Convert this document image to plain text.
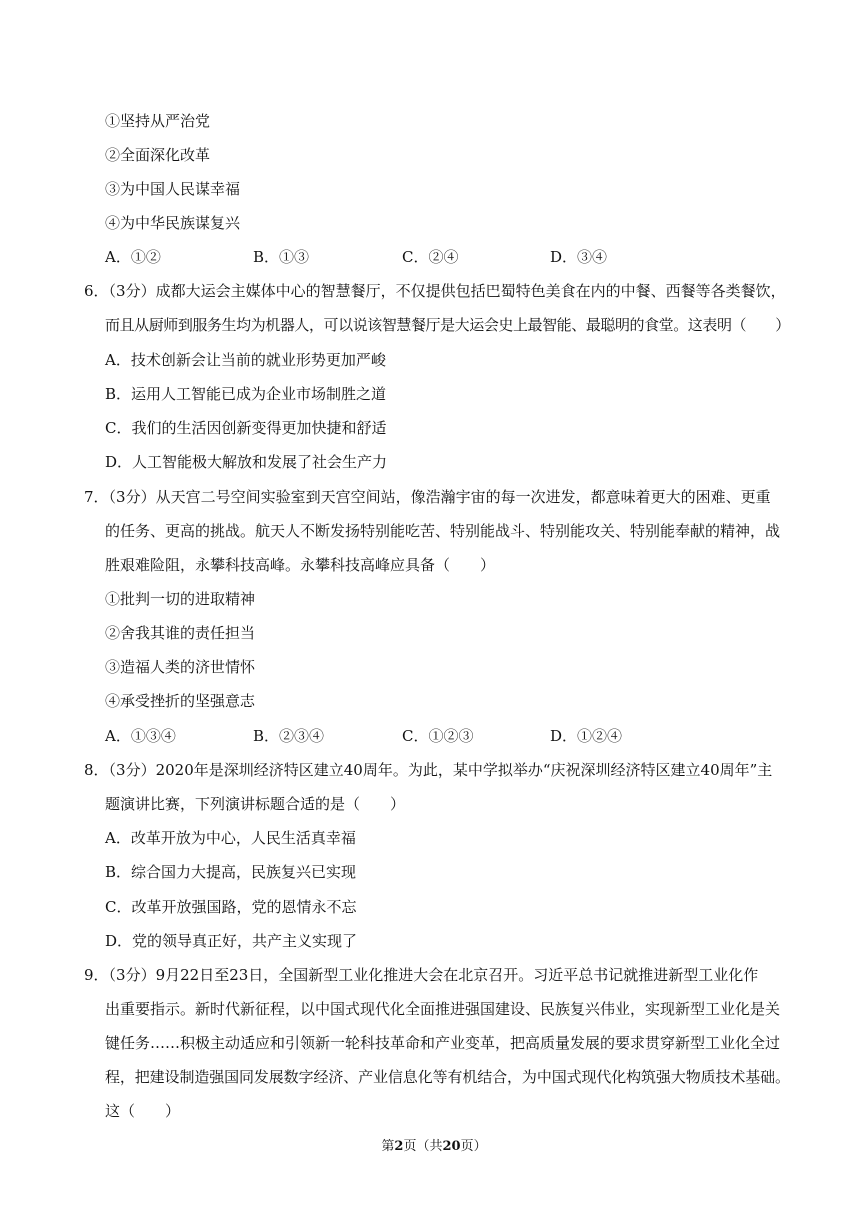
①坚持从严治党
②全面深化改革
③为中国人民谋幸福
④为中华民族谋复兴
A．①②	B．①③	C．②④	D．③④
6．（3分）成都大运会主媒体中心的智慧餐厅，不仅提供包括巴蜀特色美食在内的中餐、西餐等各类餐饮，
而且从厨师到服务生均为机器人，可以说该智慧餐厅是大运会史上最智能、最聪明的食堂。这表明（　　）
A．技术创新会让当前的就业形势更加严峻
B．运用人工智能已成为企业市场制胜之道
C．我们的生活因创新变得更加快捷和舒适
D．人工智能极大解放和发展了社会生产力
7．（3分）从天宫二号空间实验室到天宫空间站，像浩瀚宇宙的每一次进发，都意味着更大的困难、更重
的任务、更高的挑战。航天人不断发扬特别能吃苦、特别能战斗、特别能攻关、特别能奉献的精神，战
胜艰难险阻，永攀科技高峰。永攀科技高峰应具备（　　）
①批判一切的进取精神
②舍我其谁的责任担当
③造福人类的济世情怀
④承受挫折的坚强意志
A．①③④	B．②③④	C．①②③	D．①②④
8．（3分）2020年是深圳经济特区建立40周年。为此，某中学拟举办“庆祝深圳经济特区建立40周年”主
题演讲比赛，下列演讲标题合适的是（　　）
A．改革开放为中心，人民生活真幸福
B．综合国力大提高，民族复兴已实现
C．改革开放强国路，党的恩情永不忘
D．党的领导真正好，共产主义实现了
9．（3分）9月22日至23日，全国新型工业化推进大会在北京召开。习近平总书记就推进新型工业化作
出重要指示。新时代新征程，以中国式现代化全面推进强国建设、民族复兴伟业，实现新型工业化是关
键任务……积极主动适应和引领新一轮科技革命和产业变革，把高质量发展的要求贯穿新型工业化全过
程，把建设制造强国同发展数字经济、产业信息化等有机结合，为中国式现代化构筑强大物质技术基础。
这（　　）
第2页（共20页）
